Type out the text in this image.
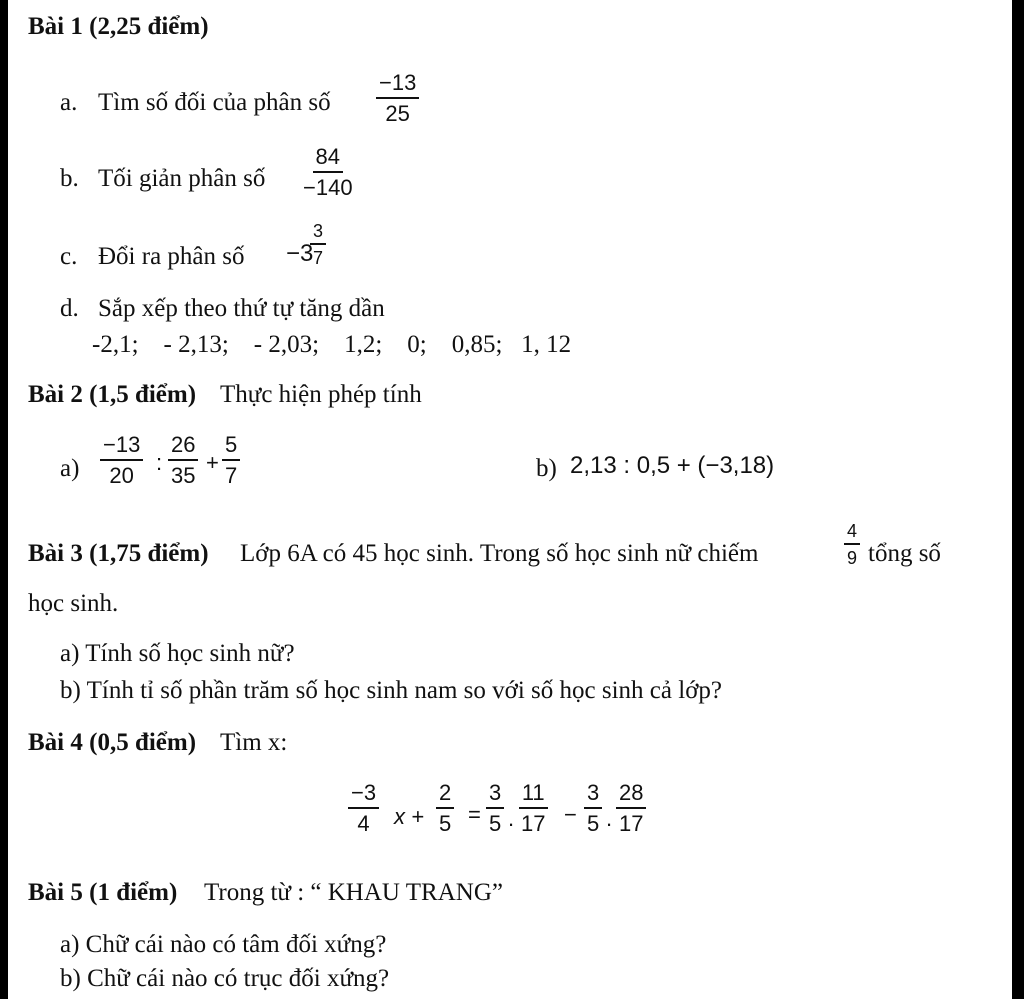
Bài 1 (2,25 điểm)
a. Tìm số đối của phân số $\frac{-13}{25}$
b. Tối giản phân số $\frac{84}{-140}$
c. Đổi ra phân số −3
$\frac{3}{7}$
d. Sắp xếp theo thứ tự tăng dần
-2,1;    - 2,13;    - 2,03;    1,2;    0;    0,85;   1, 12
Bài 2 (1,5 điểm) Thực hiện phép tính
$a) \frac{-13}{20}$ : $\frac{26}{35} + \frac{5}{7}$	b) 2,13 : 0,5 + (−3,18)
Bài 3 (1,75 điểm) Lớp 6A có 45 học sinh. Trong số học sinh nữ chiếm	$\frac{4}{9}$ tổng số
học sinh.
a) Tính số học sinh nữ?
b) Tính tỉ số phần trăm số học sinh nam so với số học sinh cả lớp?
Bài 4 (0,5 điểm) Tìm x:
$\frac{-3}{4}$ $x + \frac{2}{5} = \frac{3}{5}$ . $\frac{11}{17} - \frac{3}{5}$ . $\frac{28}{17}$
Bài 5 (1 điểm) Trong từ : “ KHAU TRANG”
a) Chữ cái nào có tâm đối xứng?
b) Chữ cái nào có trục đối xứng?
